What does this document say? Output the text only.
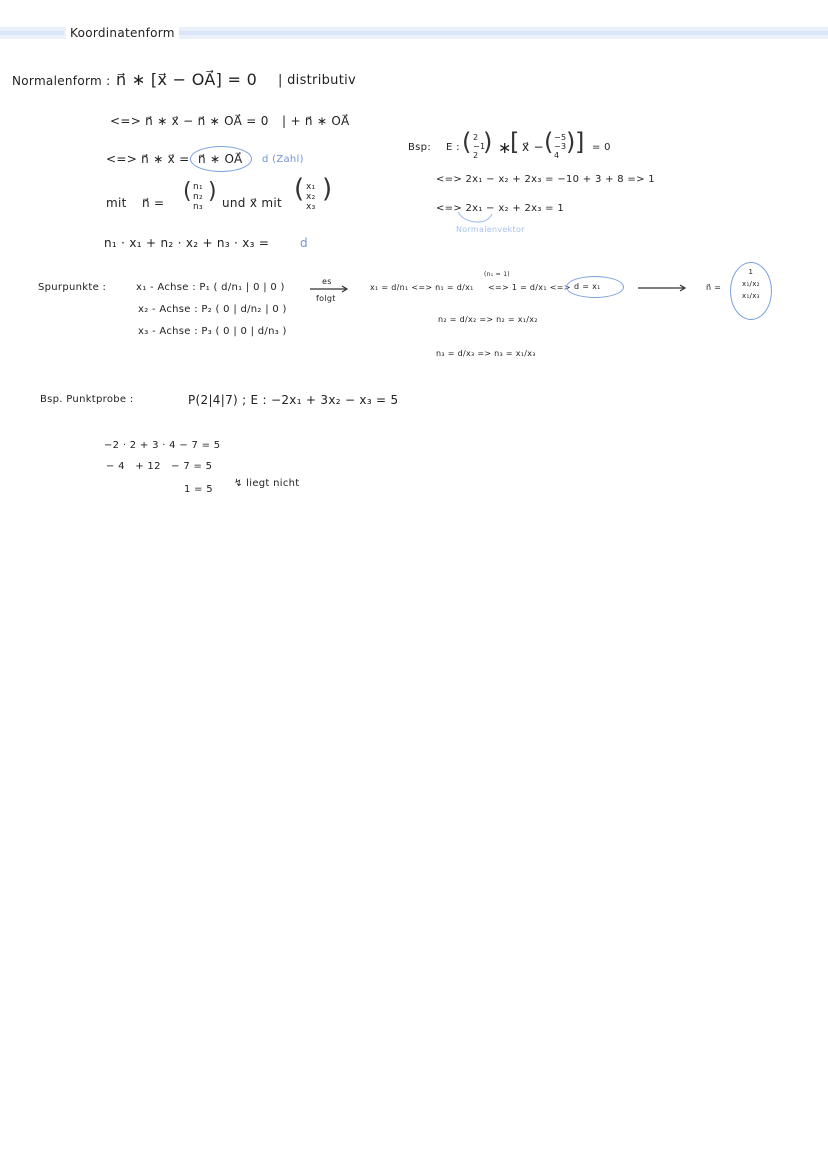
Koordinatenform
Normalenform : n⃗ ∗ [x⃗ − OA⃗] = 0 | distributiv
<=> n⃗ ∗ x⃗ − n⃗ ∗ OA⃗ = 0 | + n⃗ ∗ OA⃗
<=> n⃗ ∗ x⃗ = n⃗ ∗ OA⃗ d (Zahl)
mit n⃗ = ( n₁
n₂
n₃
) und x⃗ mit ( x₁
x₂
x₃
)
n₁ · x₁ + n₂ · x₂ + n₃ · x₃ =	d
Bsp: E : ( 2
−1
2 ) ∗
[ x⃗ − ( −5
−3
4 ) ] = 0
<=> 2x₁ − x₂ + 2x₃ = −10 + 3 + 8 => 1
<=> 2x₁ − x₂ + 2x₃ = 1
Normalenvektor
Spurpunkte :	x₁ - Achse : P₁ ( d/n₁ | 0 | 0 )
x₂ - Achse : P₂ ( 0 | d/n₂ | 0 )
x₃ - Achse : P₃ ( 0 | 0 | d/n₃ )
es
folgt
x₁ = d/n₁ <=> n₁ = d/x₁
(n₁ = 1)
<=> 1 = d/x₁ <=> d = x₁
n₂ = d/x₂ => n₂ = x₁/x₂
n₃ = d/x₃ => n₃ = x₁/x₃
n⃗ =
1
x₁/x₂
x₁/x₃
Bsp. Punktprobe :	P(2|4|7) ; E : −2x₁ + 3x₂ − x₃ = 5
−2 · 2 + 3 · 4 − 7 = 5
− 4   + 12   − 7 = 5
1 = 5
↯ liegt nicht
